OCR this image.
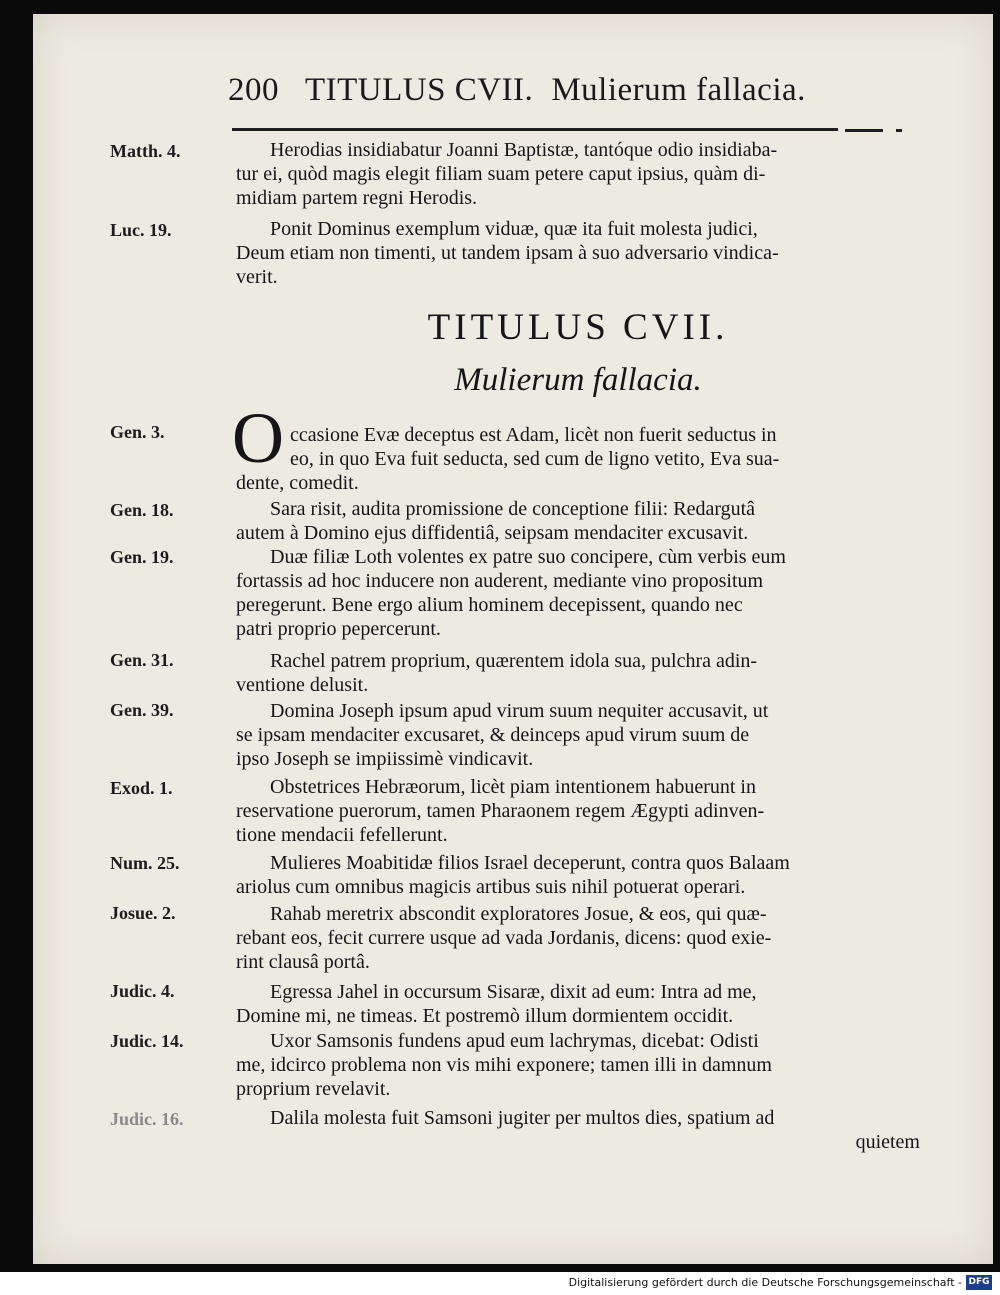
200 TITULUS CVII. Mulierum fallacia.
Matth. 4.	Herodias insidiabatur Joanni Baptistæ, tantóque odio insidiaba-
tur ei, quòd magis elegit filiam suam petere caput ipsius, quàm di-
midiam partem regni Herodis.
Luc. 19.	Ponit Dominus exemplum viduæ, quæ ita fuit molesta judici,
Deum etiam non timenti, ut tandem ipsam à suo adversario vindica-
verit.
TITULUS CVII.
Mulierum fallacia.
Gen. 3. O ccasione Evæ deceptus est Adam, licèt non fuerit seductus in
eo, in quo Eva fuit seducta, sed cum de ligno vetito, Eva sua-
dente, comedit.
Gen. 18.	Sara risit, audita promissione de conceptione filii: Redargutâ
autem à Domino ejus diffidentiâ, seipsam mendaciter excusavit.
Gen. 19.	Duæ filiæ Loth volentes ex patre suo concipere, cùm verbis eum
fortassis ad hoc inducere non auderent, mediante vino propositum
peregerunt. Bene ergo alium hominem decepissent, quando nec
patri proprio pepercerunt.
Gen. 31.	Rachel patrem proprium, quærentem idola sua, pulchra adin-
ventione delusit.
Gen. 39.	Domina Joseph ipsum apud virum suum nequiter accusavit, ut
se ipsam mendaciter excusaret, & deinceps apud virum suum de
ipso Joseph se impiissimè vindicavit.
Exod. 1.	Obstetrices Hebræorum, licèt piam intentionem habuerunt in
reservatione puerorum, tamen Pharaonem regem Ægypti adinven-
tione mendacii fefellerunt.
Num. 25.	Mulieres Moabitidæ filios Israel deceperunt, contra quos Balaam
ariolus cum omnibus magicis artibus suis nihil potuerat operari.
Josue. 2.	Rahab meretrix abscondit exploratores Josue, & eos, qui quæ-
rebant eos, fecit currere usque ad vada Jordanis, dicens: quod exie-
rint clausâ portâ.
Judic. 4.	Egressa Jahel in occursum Sisaræ, dixit ad eum: Intra ad me,
Domine mi, ne timeas. Et postremò illum dormientem occidit.
Judic. 14.	Uxor Samsonis fundens apud eum lachrymas, dicebat: Odisti
me, idcirco problema non vis mihi exponere; tamen illi in damnum
proprium revelavit.
Judic. 16.	Dalila molesta fuit Samsoni jugiter per multos dies, spatium ad
quietem
Digitalisierung gefördert durch die Deutsche Forschungsgemeinschaft - DFG
